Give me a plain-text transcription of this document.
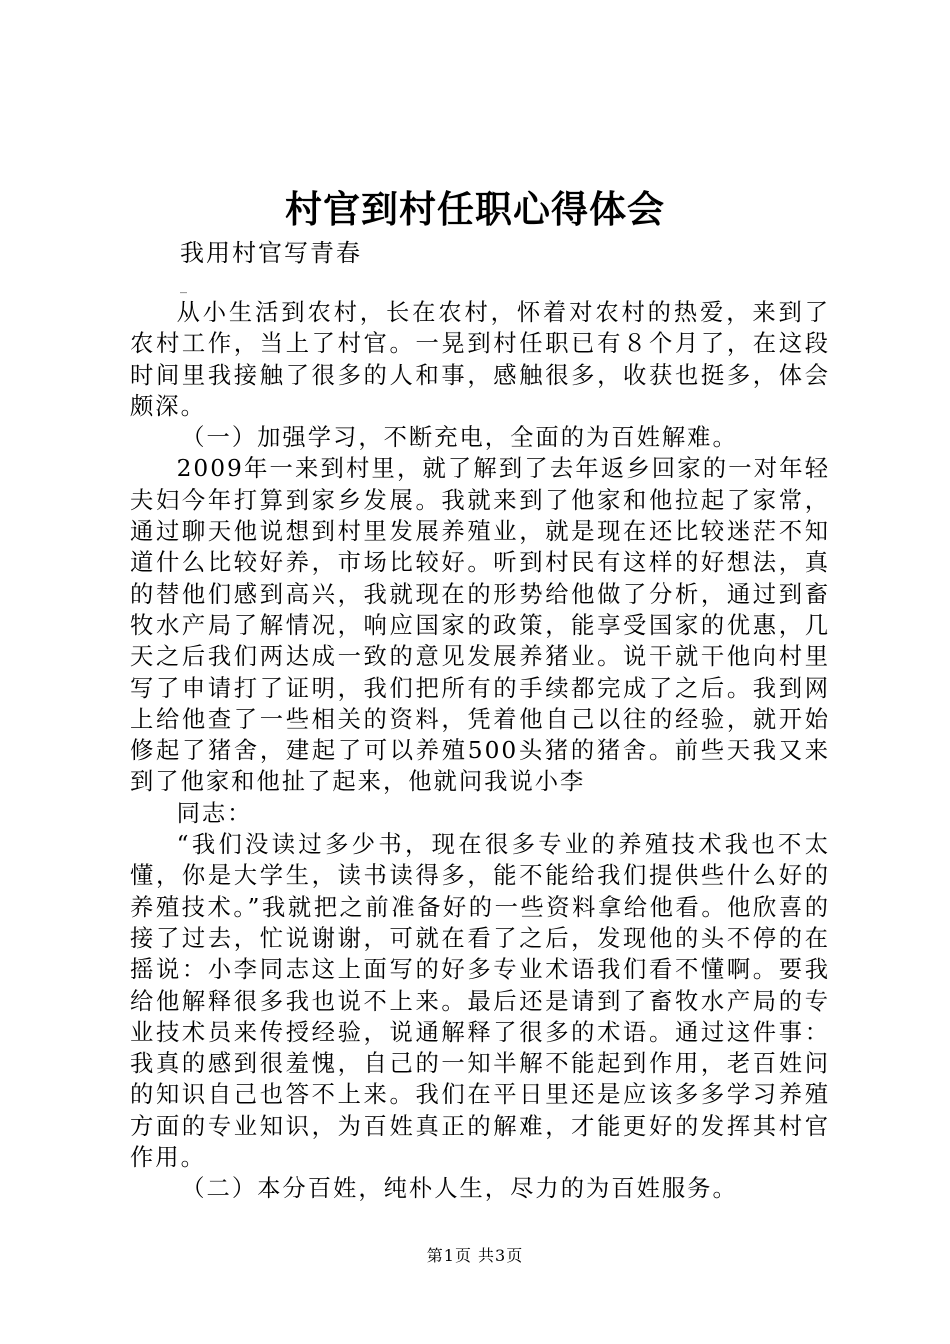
村官到村任职心得体会
我用村官写青春
_

从小生活到农村，长在农村，怀着对农村的热爱，来到了农村工作，当上了村官。一晃到村任职已有８个月了，在这段时间里我接触了很多的人和事，感触很多，收获也挺多，体会颇深。

（一）加强学习，不断充电，全面的为百姓解难。

2009年一来到村里，就了解到了去年返乡回家的一对年轻夫妇今年打算到家乡发展。我就来到了他家和他拉起了家常，通过聊天他说想到村里发展养殖业，就是现在还比较迷茫不知道什么比较好养，市场比较好。听到村民有这样的好想法，真的替他们感到高兴，我就现在的形势给他做了分析，通过到畜牧水产局了解情况，响应国家的政策，能享受国家的优惠，几天之后我们两达成一致的意见发展养猪业。说干就干他向村里写了申请打了证明，我们把所有的手续都完成了之后。我到网上给他查了一些相关的资料，凭着他自己以往的经验，就开始修起了猪舍，建起了可以养殖500头猪的猪舍。前些天我又来到了他家和他扯了起来，他就问我说小李

同志：

“我们没读过多少书，现在很多专业的养殖技术我也不太懂，你是大学生，读书读得多，能不能给我们提供些什么好的养殖技术。”我就把之前准备好的一些资料拿给他看。他欣喜的接了过去，忙说谢谢，可就在看了之后，发现他的头不停的在摇说：小李同志这上面写的好多专业术语我们看不懂啊。要我给他解释很多我也说不上来。最后还是请到了畜牧水产局的专业技术员来传授经验，说通解释了很多的术语。通过这件事：我真的感到很羞愧，自己的一知半解不能起到作用，老百姓问的知识自己也答不上来。我们在平日里还是应该多多学习养殖方面的专业知识，为百姓真正的解难，才能更好的发挥其村官作用。

（二）本分百姓，纯朴人生，尽力的为百姓服务。

第1页 共3页
